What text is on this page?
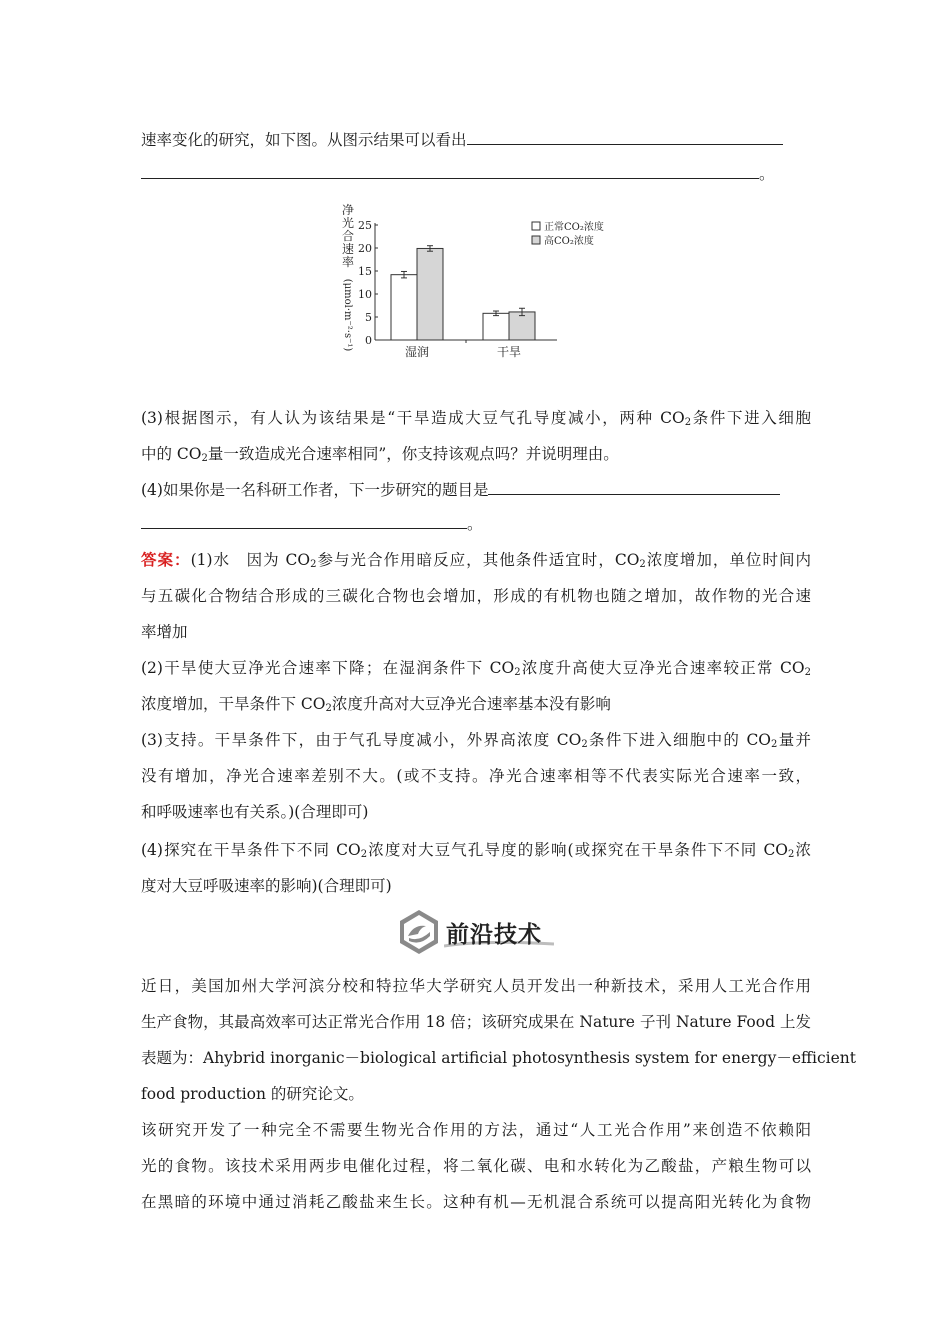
速率变化的研究，如下图。从图示结果可以看出
。
净
光
合
速
率
(μmol·m⁻²·s⁻¹) 0
5
10
15
20
25
湿润	干旱
正常CO₂浓度
高CO₂浓度
(3)根据图示，有人认为该结果是“干旱造成大豆气孔导度减小，两种 $CO_2$条件下进入细胞
中的 $CO_2$量一致造成光合速率相同”，你支持该观点吗？并说明理由。
(4)如果你是一名科研工作者，下一步研究的题目是
。
答案：(1)水　因为 $CO_2$参与光合作用暗反应，其他条件适宜时，$CO_2$浓度增加，单位时间内
与五碳化合物结合形成的三碳化合物也会增加，形成的有机物也随之增加，故作物的光合速
率增加
(2)干旱使大豆净光合速率下降；在湿润条件下 $CO_2$浓度升高使大豆净光合速率较正常 $CO_2$
浓度增加，干旱条件下 $CO_2$浓度升高对大豆净光合速率基本没有影响
(3)支持。干旱条件下，由于气孔导度减小，外界高浓度 $CO_2$条件下进入细胞中的 $CO_2$量并
没有增加，净光合速率差别不大。(或不支持。净光合速率相等不代表实际光合速率一致，
和呼吸速率也有关系。)(合理即可)
(4)探究在干旱条件下不同 $CO_2$浓度对大豆气孔导度的影响(或探究在干旱条件下不同 $CO_2$浓
度对大豆呼吸速率的影响)(合理即可)
前沿技术
近日，美国加州大学河滨分校和特拉华大学研究人员开发出一种新技术，采用人工光合作用
生产食物，其最高效率可达正常光合作用 18 倍；该研究成果在 Nature 子刊 Nature Food 上发
表题为：Ahybrid inorganic－biological artificial photosynthesis system for energy－efficient
food production 的研究论文。
该研究开发了一种完全不需要生物光合作用的方法，通过“人工光合作用”来创造不依赖阳
光的食物。该技术采用两步电催化过程，将二氧化碳、电和水转化为乙酸盐，产粮生物可以
在黑暗的环境中通过消耗乙酸盐来生长。这种有机—无机混合系统可以提高阳光转化为食物
